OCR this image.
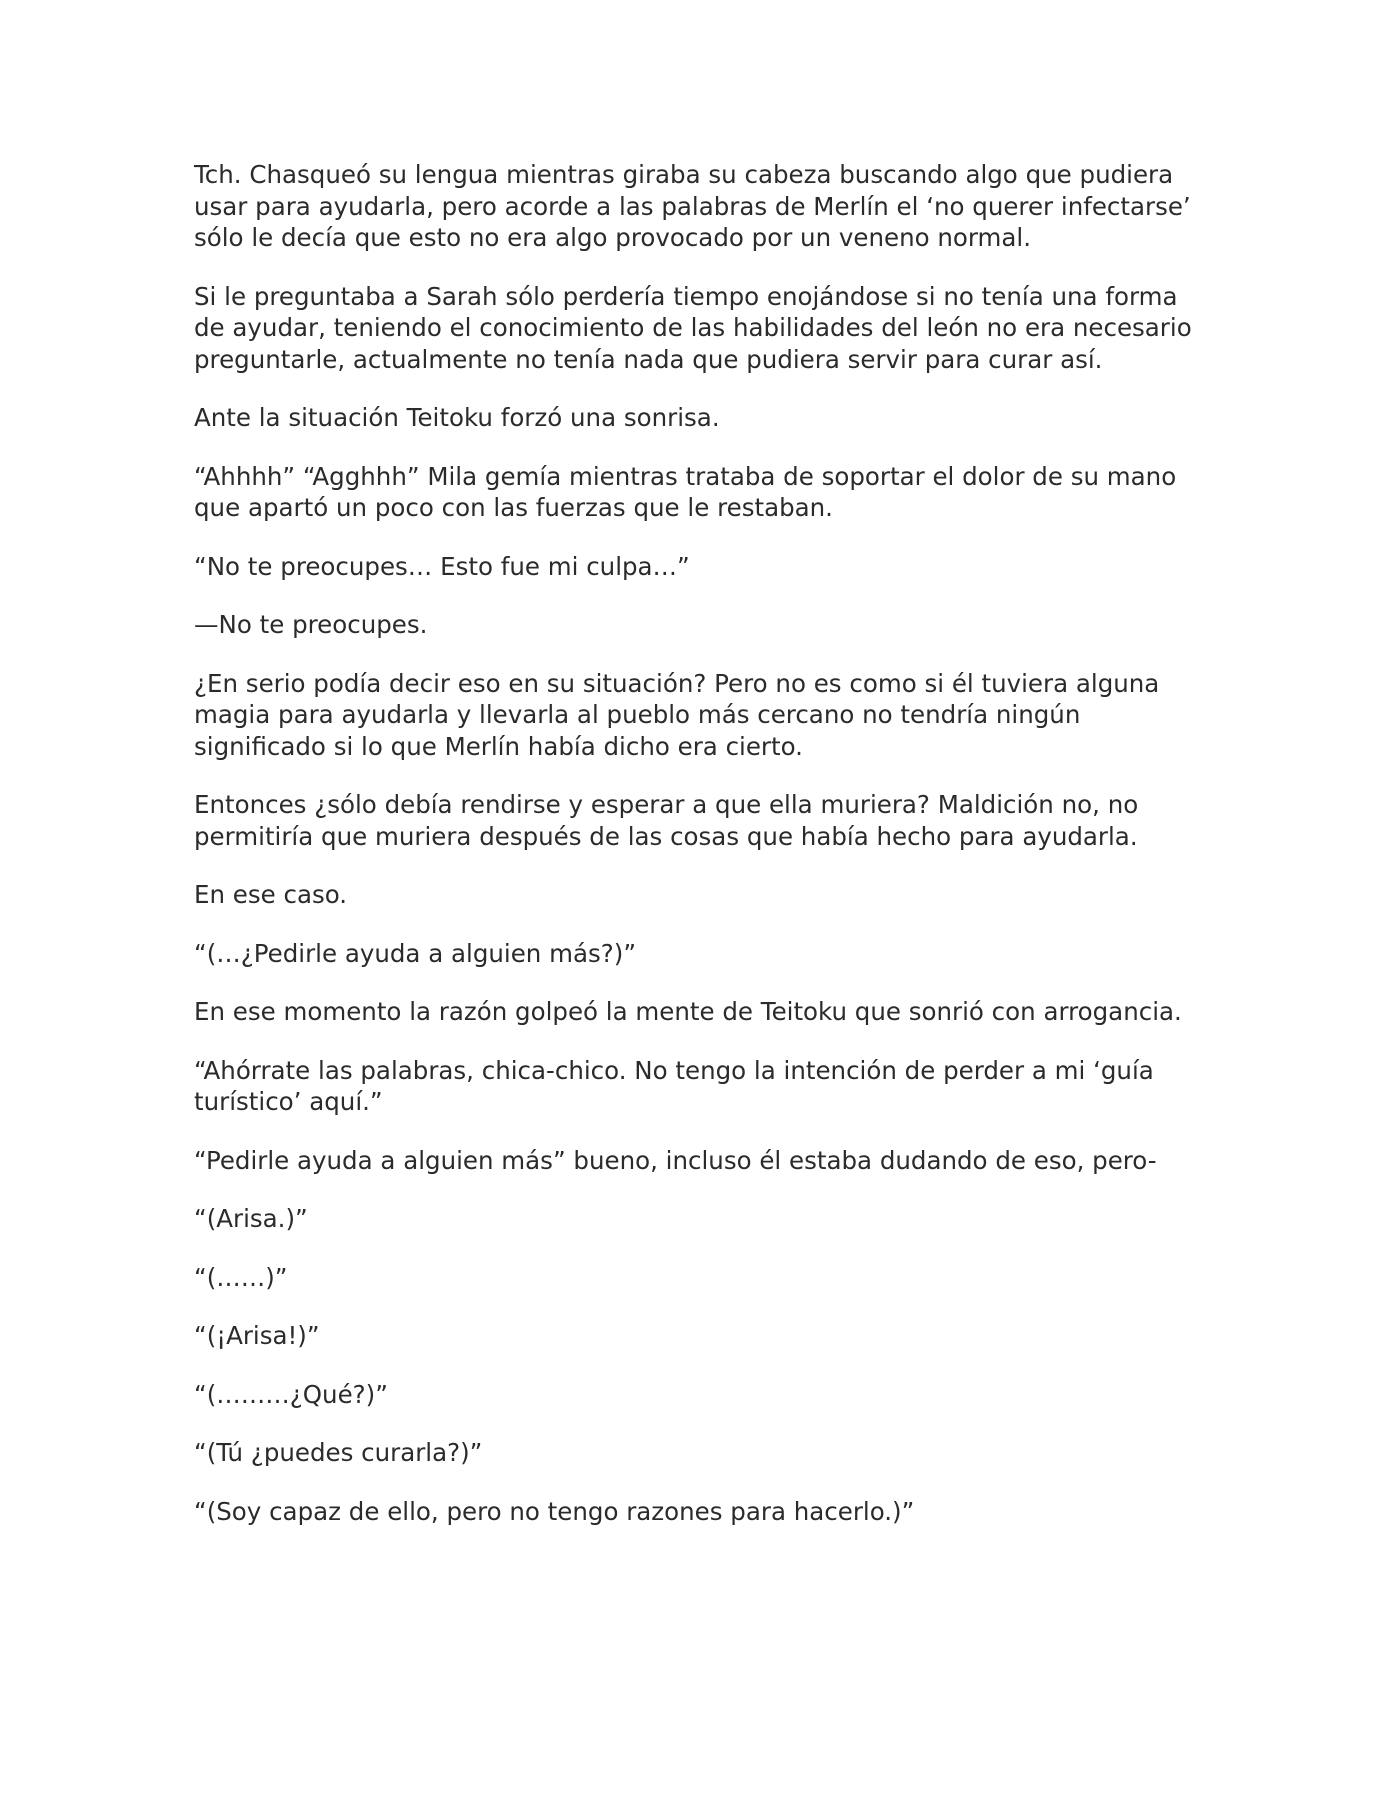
Tch. Chasqueó su lengua mientras giraba su cabeza buscando algo que pudiera usar para ayudarla, pero acorde a las palabras de Merlín el ‘no querer infectarse’ sólo le decía que esto no era algo provocado por un veneno normal.

Si le preguntaba a Sarah sólo perdería tiempo enojándose si no tenía una forma de ayudar, teniendo el conocimiento de las habilidades del león no era necesario preguntarle, actualmente no tenía nada que pudiera servir para curar así.

Ante la situación Teitoku forzó una sonrisa.

“Ahhhh” “Agghhh” Mila gemía mientras trataba de soportar el dolor de su mano que apartó un poco con las fuerzas que le restaban.

“No te preocupes… Esto fue mi culpa…”

—No te preocupes.

¿En serio podía decir eso en su situación? Pero no es como si él tuviera alguna magia para ayudarla y llevarla al pueblo más cercano no tendría ningún significado si lo que Merlín había dicho era cierto.

Entonces ¿sólo debía rendirse y esperar a que ella muriera? Maldición no, no permitiría que muriera después de las cosas que había hecho para ayudarla.

En ese caso.

“(…¿Pedirle ayuda a alguien más?)”

En ese momento la razón golpeó la mente de Teitoku que sonrió con arrogancia.

“Ahórrate las palabras, chica-chico. No tengo la intención de perder a mi ‘guía turístico’ aquí.”

“Pedirle ayuda a alguien más” bueno, incluso él estaba dudando de eso, pero-

“(Arisa.)”

“(……)”

“(¡Arisa!)”

“(………¿Qué?)”

“(Tú ¿puedes curarla?)”

“(Soy capaz de ello, pero no tengo razones para hacerlo.)”
